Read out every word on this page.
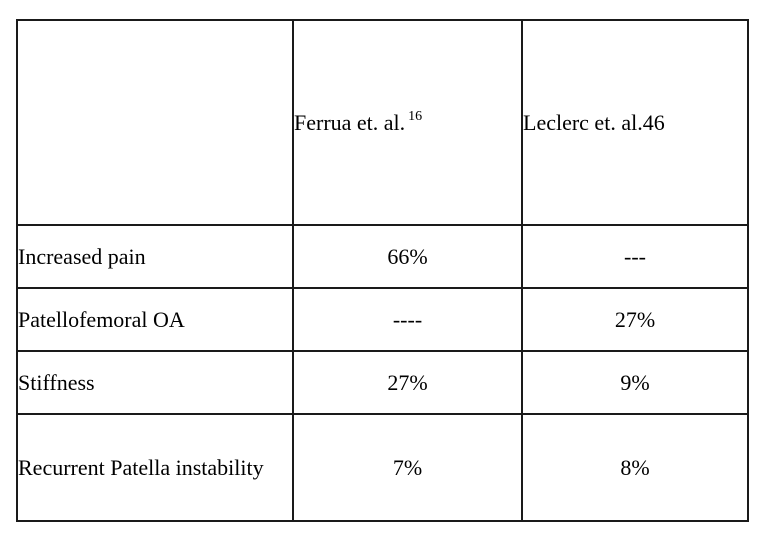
	Ferrua et. al. $^{16}$	Leclerc et. al.46
Increased pain	66%	---
Patellofemoral OA	----	27%
Stiffness	27%	9%
Recurrent Patella instability	7%	8%
